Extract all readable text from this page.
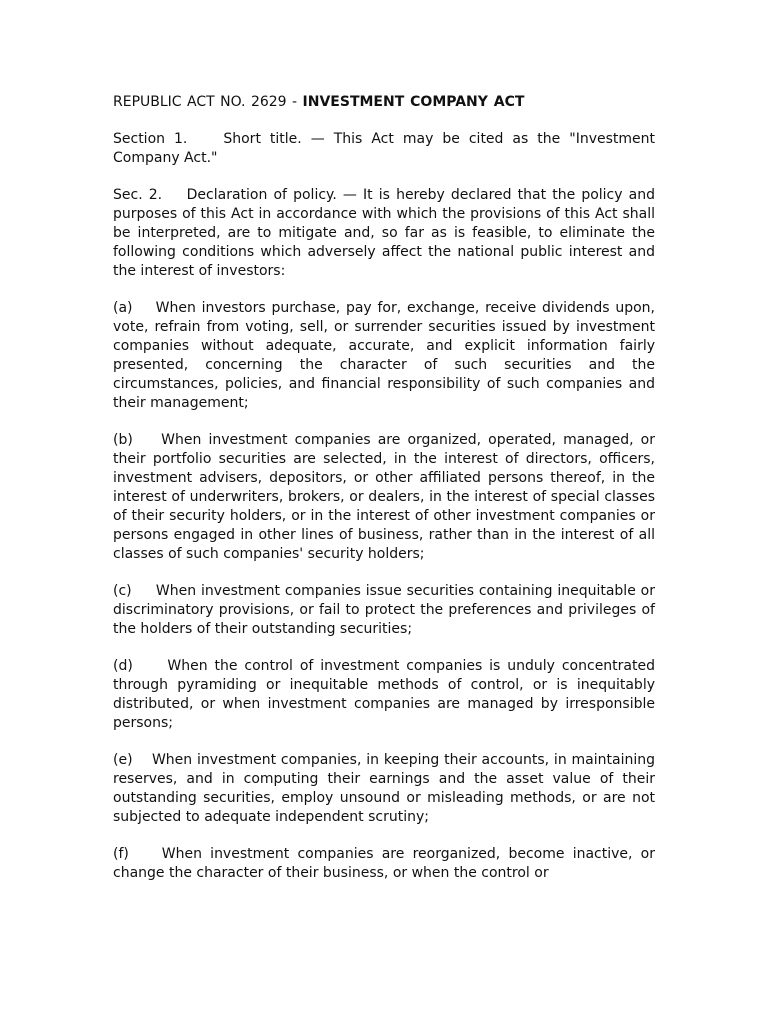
REPUBLIC ACT NO. 2629 - INVESTMENT COMPANY ACT

Section 1.    Short title. — This Act may be cited as the "Investment Company Act."

Sec. 2.    Declaration of policy. — It is hereby declared that the policy and purposes of this Act in accordance with which the provisions of this Act shall be interpreted, are to mitigate and, so far as is feasible, to eliminate the following conditions which adversely affect the national public interest and the interest of investors:

(a)    When investors purchase, pay for, exchange, receive dividends upon, vote, refrain from voting, sell, or surrender securities issued by investment companies without adequate, accurate, and explicit information fairly presented, concerning the character of such securities and the circumstances, policies, and financial responsibility of such companies and their management;

(b)    When investment companies are organized, operated, managed, or their portfolio securities are selected, in the interest of directors, officers, investment advisers, depositors, or other affiliated persons thereof, in the interest of underwriters, brokers, or dealers, in the interest of special classes of their security holders, or in the interest of other investment companies or persons engaged in other lines of business, rather than in the interest of all classes of such companies' security holders;

(c)     When investment companies issue securities containing inequitable or discriminatory provisions, or fail to protect the preferences and privileges of the holders of their outstanding securities;

(d)     When the control of investment companies is unduly concentrated through pyramiding or inequitable methods of control, or is inequitably distributed, or when investment companies are managed by irresponsible persons;

(e)    When investment companies, in keeping their accounts, in maintaining reserves, and in computing their earnings and the asset value of their outstanding securities, employ unsound or misleading methods, or are not subjected to adequate independent scrutiny;

(f)    When investment companies are reorganized, become inactive, or change the character of their business, or when the control or
